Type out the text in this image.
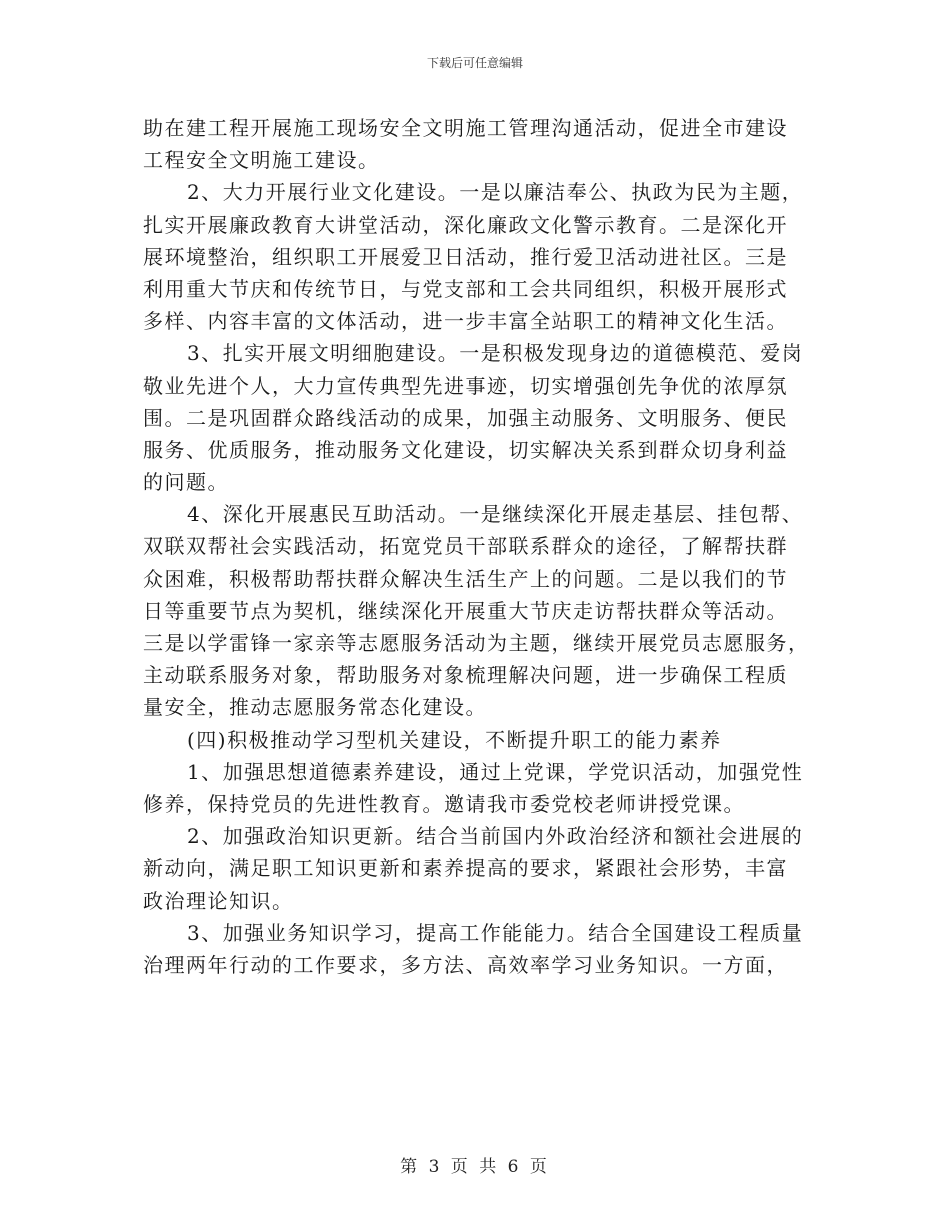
下载后可任意编辑
助在建工程开展施工现场安全文明施工管理沟通活动，促进全市建设
工程安全文明施工建设。
2、大力开展行业文化建设。一是以廉洁奉公、执政为民为主题，
扎实开展廉政教育大讲堂活动，深化廉政文化警示教育。二是深化开
展环境整治，组织职工开展爱卫日活动，推行爱卫活动进社区。三是
利用重大节庆和传统节日，与党支部和工会共同组织，积极开展形式
多样、内容丰富的文体活动，进一步丰富全站职工的精神文化生活。
3、扎实开展文明细胞建设。一是积极发现身边的道德模范、爱岗
敬业先进个人，大力宣传典型先进事迹，切实增强创先争优的浓厚氛
围。二是巩固群众路线活动的成果，加强主动服务、文明服务、便民
服务、优质服务，推动服务文化建设，切实解决关系到群众切身利益
的问题。
4、深化开展惠民互助活动。一是继续深化开展走基层、挂包帮、
双联双帮社会实践活动，拓宽党员干部联系群众的途径，了解帮扶群
众困难，积极帮助帮扶群众解决生活生产上的问题。二是以我们的节
日等重要节点为契机，继续深化开展重大节庆走访帮扶群众等活动。
三是以学雷锋一家亲等志愿服务活动为主题，继续开展党员志愿服务，
主动联系服务对象，帮助服务对象梳理解决问题，进一步确保工程质
量安全，推动志愿服务常态化建设。
(四)积极推动学习型机关建设，不断提升职工的能力素养
1、加强思想道德素养建设，通过上党课，学党识活动，加强党性
修养，保持党员的先进性教育。邀请我市委党校老师讲授党课。
2、加强政治知识更新。结合当前国内外政治经济和额社会进展的
新动向，满足职工知识更新和素养提高的要求，紧跟社会形势，丰富
政治理论知识。
3、加强业务知识学习，提高工作能能力。结合全国建设工程质量
治理两年行动的工作要求，多方法、高效率学习业务知识。一方面，
第 3 页 共 6 页
